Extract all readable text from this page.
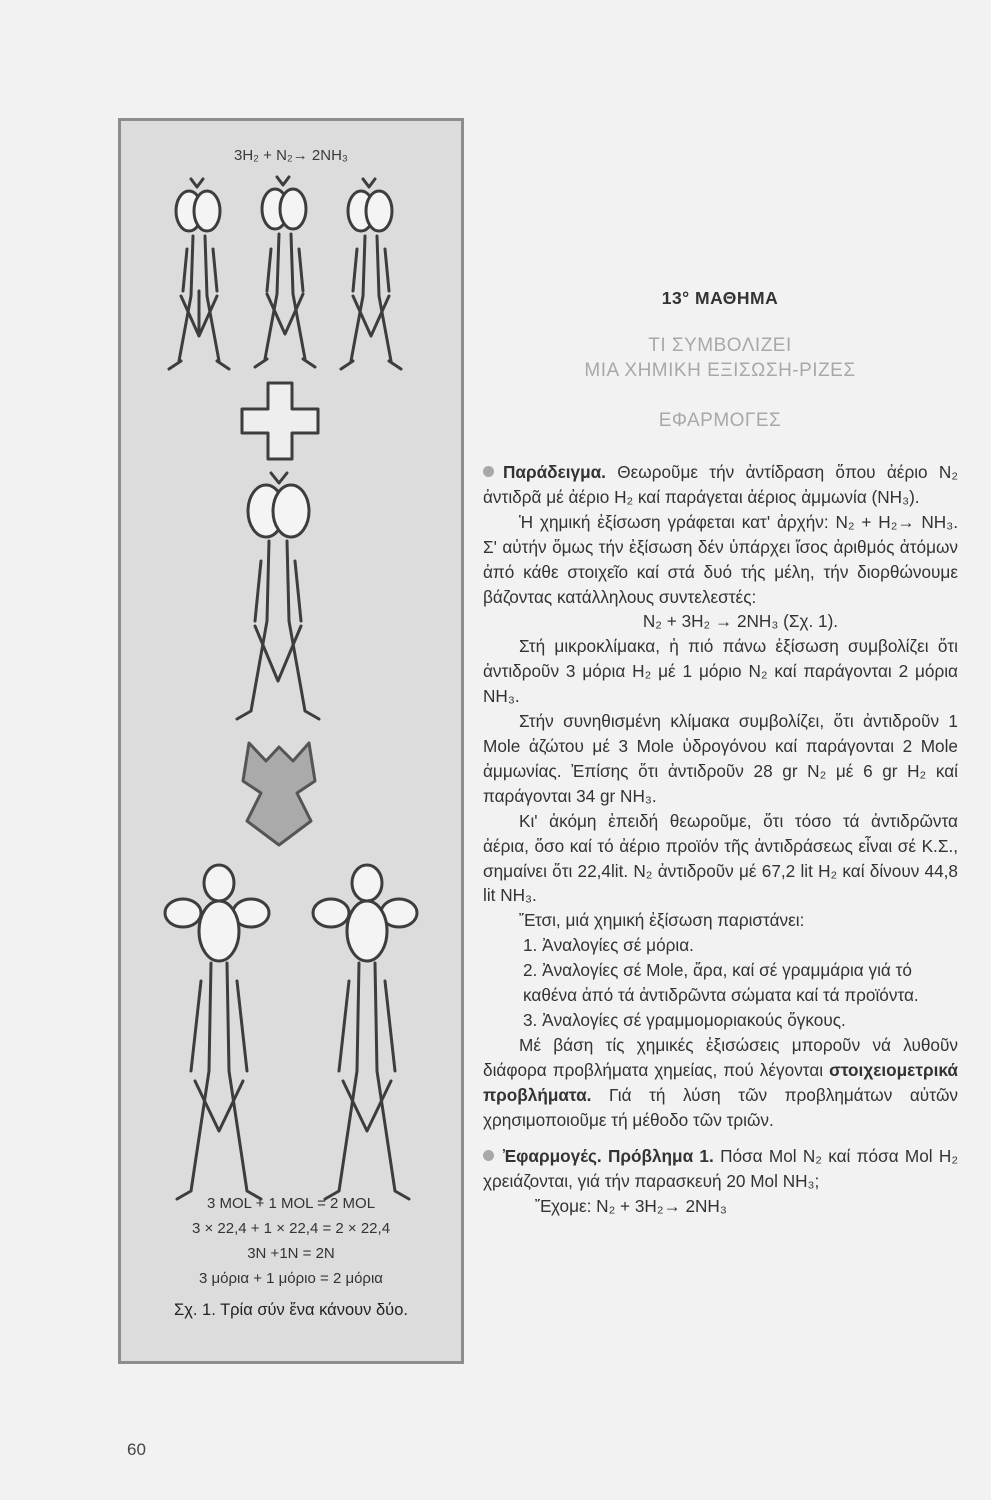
3H₂ + N₂→ 2NH₃
3 MOL + 1 MOL = 2 MOL
3 × 22,4 + 1 × 22,4 = 2 × 22,4
3N +1N = 2N
3 μόρια + 1 μόριο = 2 μόρια
Σχ. 1. Τρία σύν ἕνα κάνουν δύο.
13° ΜΑΘΗΜΑ
ΤΙ ΣΥΜΒΟΛΙΖΕΙ
ΜΙΑ ΧΗΜΙΚΗ ΕΞΙΣΩΣΗ-ΡΙΖΕΣ
ΕΦΑΡΜΟΓΕΣ

Παράδειγμα. Θεωροῦμε τήν ἀντίδραση ὅπου ἀέριο N₂ ἀντιδρᾶ μέ ἀέριο H₂ καί παράγεται ἀέριος ἀμμωνία (NH₃).

Ἡ χημική ἐξίσωση γράφεται κατ' ἀρχήν: N₂ + H₂→ NH₃. Σ' αὐτήν ὅμως τήν ἐξίσωση δέν ὑπάρχει ἴσος ἀριθμός ἀτόμων ἀπό κάθε στοιχεῖο καί στά δυό τής μέλη, τήν διορθώνουμε βάζοντας κατάλληλους συντελεστές:

N₂ + 3H₂ → 2NH₃ (Σχ. 1).

Στή μικροκλίμακα, ἡ πιό πάνω ἐξίσωση συμβολίζει ὅτι ἀντιδροῦν 3 μόρια H₂ μέ 1 μόριο N₂ καί παράγονται 2 μόρια NH₃.

Στήν συνηθισμένη κλίμακα συμβολίζει, ὅτι ἀντιδροῦν 1 Mole ἀζώτου μέ 3 Mole ὑδρογόνου καί παράγονται 2 Mole ἀμμωνίας. Ἐπίσης ὅτι ἀντιδροῦν 28 gr N₂ μέ 6 gr H₂ καί παράγονται 34 gr NH₃.

Κι' ἀκόμη ἐπειδή θεωροῦμε, ὅτι τόσο τά ἀντιδρῶντα ἀέρια, ὅσο καί τό ἀέριο προϊόν τῆς ἀντιδράσεως εἶναι σέ Κ.Σ., σημαίνει ὅτι 22,4lit. N₂ ἀντιδροῦν μέ 67,2 lit H₂ καί δίνουν 44,8 lit NH₃.

Ἔτσι, μιά χημική ἐξίσωση παριστάνει:

1. Ἀναλογίες σέ μόρια.

2. Ἀναλογίες σέ Mole, ἄρα, καί σέ γραμμάρια γιά τό καθένα ἀπό τά ἀντιδρῶντα σώματα καί τά προϊόντα.

3. Ἀναλογίες σέ γραμμομοριακούς ὄγκους.

Μέ βάση τίς χημικές ἐξισώσεις μποροῦν νά λυθοῦν διάφορα προβλήματα χημείας, πού λέγονται στοιχειομετρικά προβλήματα. Γιά τή λύση τῶν προβλημάτων αὐτῶν χρησιμοποιοῦμε τή μέθοδο τῶν τριῶν.

Ἐφαρμογές. Πρόβλημα 1. Πόσα Mol N₂ καί πόσα Mol H₂ χρειάζονται, γιά τήν παρασκευή 20 Mol NH₃;

Ἔχομε: N₂ + 3H₂→ 2NH₃

60
